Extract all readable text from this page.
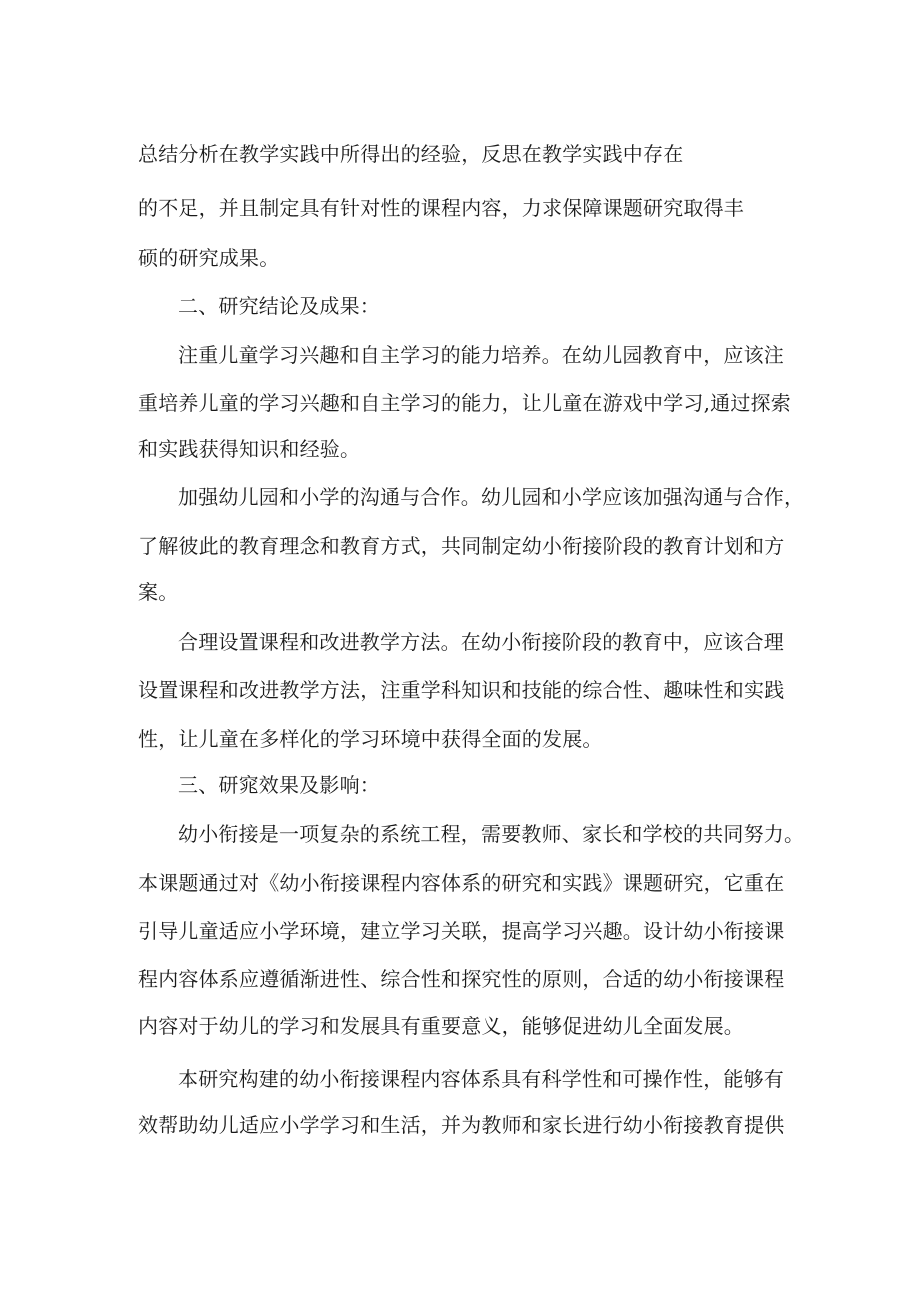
总结分析在教学实践中所得出的经验，反思在教学实践中存在
的不足，并且制定具有针对性的课程内容，力求保障课题研究取得丰
硕的研究成果。
二、研究结论及成果：
注重儿童学习兴趣和自主学习的能力培养。在幼儿园教育中，应该注
重培养儿童的学习兴趣和自主学习的能力，让儿童在游戏中学习,通过探索
和实践获得知识和经验。
加强幼儿园和小学的沟通与合作。幼儿园和小学应该加强沟通与合作，
了解彼此的教育理念和教育方式，共同制定幼小衔接阶段的教育计划和方
案。
合理设置课程和改进教学方法。在幼小衔接阶段的教育中，应该合理
设置课程和改进教学方法，注重学科知识和技能的综合性、趣味性和实践
性，让儿童在多样化的学习环境中获得全面的发展。
三、研窕效果及影响：
幼小衔接是一项复杂的系统工程，需要教师、家长和学校的共同努力。
本课题通过对《幼小衔接课程内容体系的研究和实践》课题研究，它重在
引导儿童适应小学环境，建立学习关联，提高学习兴趣。设计幼小衔接课
程内容体系应遵循渐进性、综合性和探究性的原则，合适的幼小衔接课程
内容对于幼儿的学习和发展具有重要意义，能够促进幼儿全面发展。
本研究构建的幼小衔接课程内容体系具有科学性和可操作性，能够有
效帮助幼儿适应小学学习和生活，并为教师和家长进行幼小衔接教育提供
